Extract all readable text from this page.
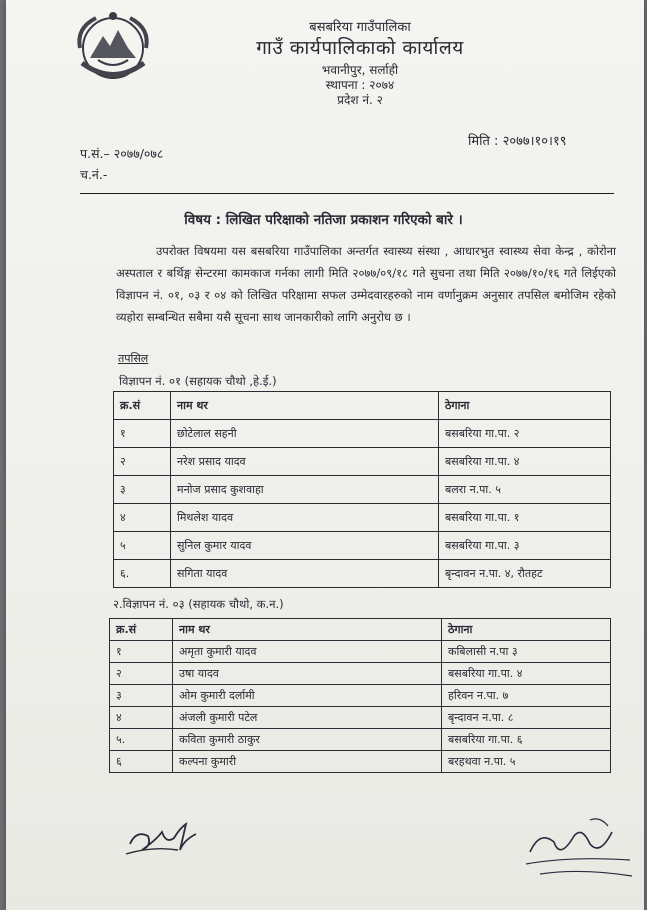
बसबरिया गाउँपालिका
गाउँ कार्यपालिकाको कार्यालय
भवानीपुर, सर्लाही
स्थापना : २०७४
प्रदेश नं. २
मिति : २०७७।१०।१९
प.सं.– २०७७/०७८
च.नं.-
विषय : लिखित परिक्षाको नतिजा प्रकाशन गरिएको बारे ।
उपरोक्त विषयमा यस बसबरिया गाउँपालिका अन्तर्गत स्वास्थ्य संस्था , आधारभुत स्वास्थ्य सेवा केन्द्र , कोरोना अस्पताल र बर्थिङ्ग सेन्टरमा कामकाज गर्नका लागी मिति २०७७/०९/१८ गते सुचना तथा मिति २०७७/१०/१६ गते लिईएको विज्ञापन नं. ०१, ०३ र ०४ को लिखित परिक्षामा सफल उम्मेदवारहरुको नाम वर्णानुक्रम अनुसार तपसिल बमोजिम रहेको व्यहोरा सम्बन्धित सबैमा यसै सूचना साथ जानकारीको लागि अनुरोध छ ।
तपसिल
विज्ञापन नं. ०१ (सहायक चौथो ,हे.ई.)
क्र.सं	नाम थर	ठेगाना
१	छोटेलाल सहनी	बसबरिया गा.पा. २
२	नरेश प्रसाद यादव	बसबरिया गा.पा. ४
३	मनोज प्रसाद कुशवाहा	बलरा न.पा. ५
४	मिथलेश यादव	बसबरिया गा.पा. १
५	सुनिल कुमार यादव	बसबरिया गा.पा. ३
६.	सगिता यादव	बृन्दावन न.पा. ४, रौतहट
२.विज्ञापन नं. ०३ (सहायक चौथो, क.न.)
क्र.सं	नाम थर	ठेगाना
१	अमृता कुमारी यादव	कबिलासी न.पा ३
२	उषा यादव	बसबरिया गा.पा. ४
३	ओम कुमारी दर्लामी	हरिवन न.पा. ७
४	अंजली कुमारी पटेल	बृन्दावन न.पा. ८
५.	कविता कुमारी ठाकुर	बसबरिया गा.पा. ६
६	कल्पना कुमारी	बरहथवा न.पा. ५
